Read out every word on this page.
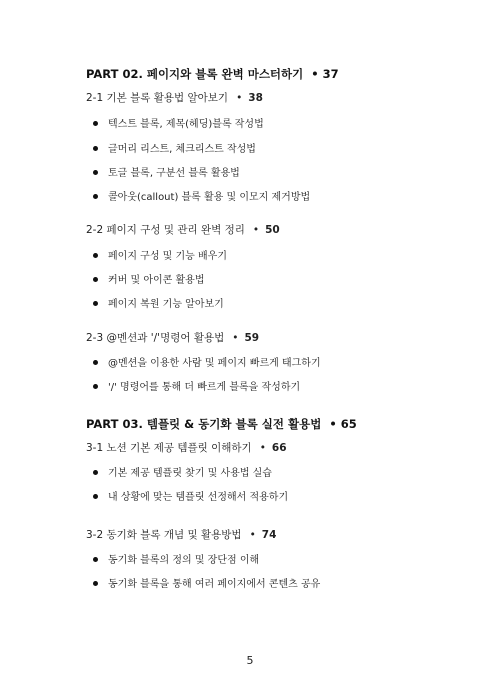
PART 02. 페이지와 블록 완벽 마스터하기 • 37
2-1 기본 블록 활용법 알아보기 • 38
텍스트 블록, 제목(헤딩)블록 작성법
글머리 리스트, 체크리스트 작성법
토글 블록, 구분선 블록 활용법
콜아웃(callout) 블록 활용 및 이모지 제거방법
2-2 페이지 구성 및 관리 완벽 정리 • 50
페이지 구성 및 기능 배우기
커버 및 아이콘 활용법
페이지 복원 기능 알아보기
2-3 @멘션과 '/'명령어 활용법 • 59
@멘션을 이용한 사람 및 페이지 빠르게 태그하기
'/' 명령어를 통해 더 빠르게 블록을 작성하기
PART 03. 템플릿 & 동기화 블록 실전 활용법 • 65
3-1 노션 기본 제공 템플릿 이해하기 • 66
기본 제공 템플릿 찾기 및 사용법 실습
내 상황에 맞는 템플릿 선정해서 적용하기
3-2 동기화 블록 개념 및 활용방법 • 74
동기화 블록의 정의 및 장단점 이해
동기화 블록을 통해 여러 페이지에서 콘텐츠 공유
5
